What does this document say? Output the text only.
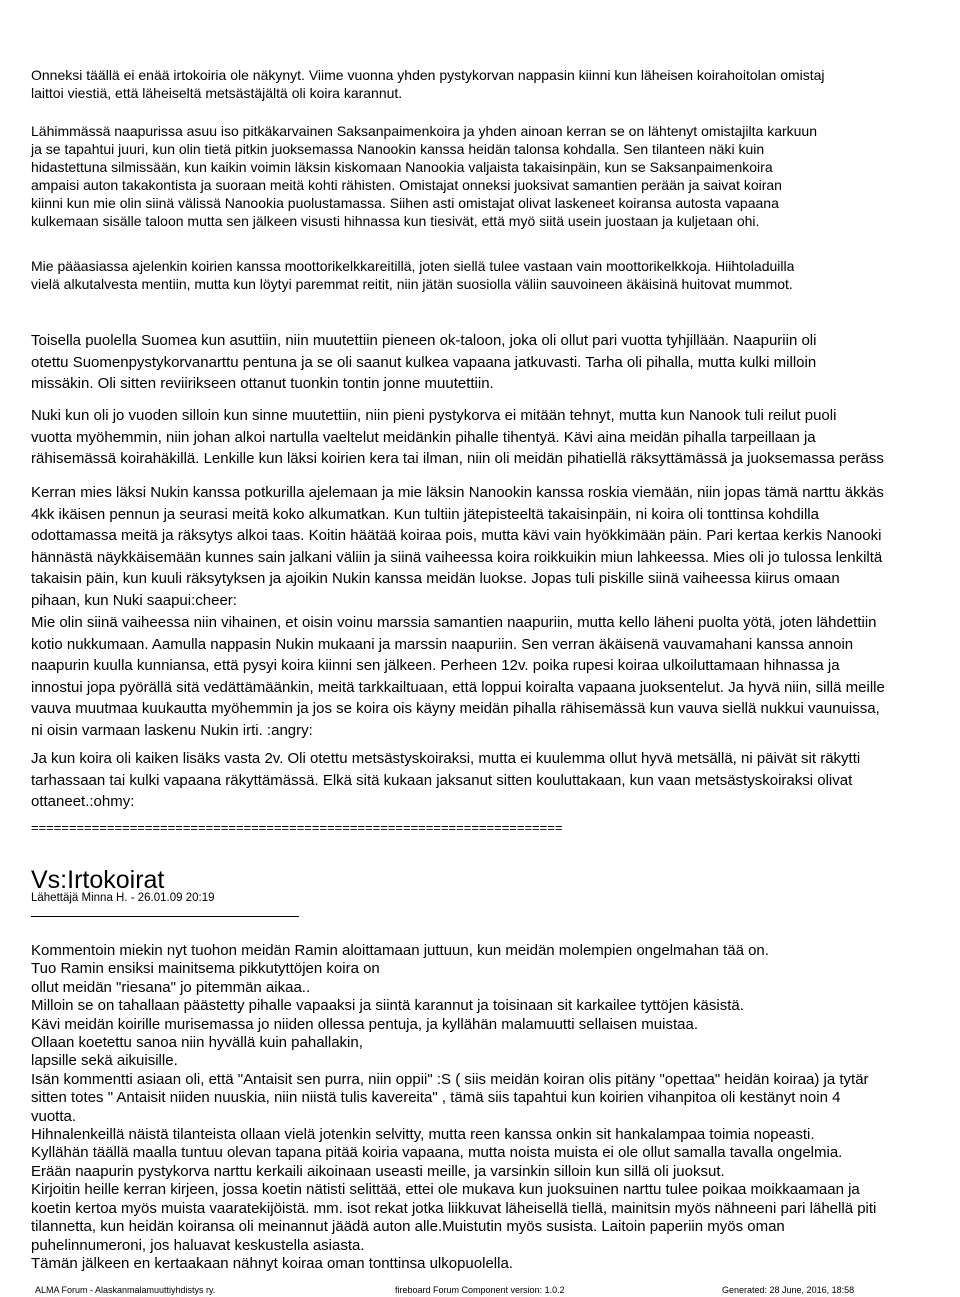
Onneksi täällä ei enää irtokoiria ole näkynyt. Viime vuonna yhden pystykorvan nappasin kiinni kun läheisen koirahoitolan omistaj
laittoi viestiä, että läheiseltä metsästäjältä oli koira karannut.
Lähimmässä naapurissa asuu iso pitkäkarvainen Saksanpaimenkoira ja yhden ainoan kerran se on lähtenyt omistajilta karkuun
ja se tapahtui juuri, kun olin tietä pitkin juoksemassa Nanookin kanssa heidän talonsa kohdalla. Sen tilanteen näki kuin
hidastettuna silmissään, kun kaikin voimin läksin kiskomaan Nanookia valjaista takaisinpäin, kun se Saksanpaimenkoira
ampaisi auton takakontista ja suoraan meitä kohti rähisten. Omistajat onneksi juoksivat samantien perään ja saivat koiran
kiinni kun mie olin siinä välissä Nanookia puolustamassa. Siihen asti omistajat olivat laskeneet koiransa autosta vapaana
kulkemaan sisälle taloon mutta sen jälkeen visusti hihnassa kun tiesivät, että myö siitä usein juostaan ja kuljetaan ohi.
Mie pääasiassa ajelenkin koirien kanssa moottorikelkkareitillä, joten siellä tulee vastaan vain moottorikelkkoja. Hiihtoladuilla
vielä alkutalvesta mentiin, mutta kun löytyi paremmat reitit, niin jätän suosiolla väliin sauvoineen äkäisinä huitovat mummot.
Toisella puolella Suomea kun asuttiin, niin muutettiin pieneen ok-taloon, joka oli ollut pari vuotta tyhjillään. Naapuriin oli
otettu Suomenpystykorvanarttu pentuna ja se oli saanut kulkea vapaana jatkuvasti. Tarha oli pihalla, mutta kulki milloin
missäkin. Oli sitten reviirikseen ottanut tuonkin tontin jonne muutettiin.
Nuki kun oli jo vuoden silloin kun sinne muutettiin, niin pieni pystykorva ei mitään tehnyt, mutta kun Nanook tuli reilut puoli
vuotta myöhemmin, niin johan alkoi nartulla vaeltelut meidänkin pihalle tihentyä. Kävi aina meidän pihalla tarpeillaan ja
rähisemässä koirahäkillä. Lenkille kun läksi koirien kera tai ilman, niin oli meidän pihatiellä räksyttämässä ja juoksemassa peräss
Kerran mies läksi Nukin kanssa potkurilla ajelemaan ja mie läksin Nanookin kanssa roskia viemään, niin jopas tämä narttu äkkäs
4kk ikäisen pennun ja seurasi meitä koko alkumatkan. Kun tultiin jätepisteeltä takaisinpäin, ni koira oli tonttinsa kohdilla
odottamassa meitä ja räksytys alkoi taas. Koitin häätää koiraa pois, mutta kävi vain hyökkimään päin. Pari kertaa kerkis Nanooki
hännästä näykkäisemään kunnes sain jalkani väliin ja siinä vaiheessa koira roikkuikin miun lahkeessa. Mies oli jo tulossa lenkiltä
takaisin päin, kun kuuli räksytyksen ja ajoikin Nukin kanssa meidän luokse. Jopas tuli piskille siinä vaiheessa kiirus omaan
pihaan, kun Nuki saapui:cheer:
Mie olin siinä vaiheessa niin vihainen, et oisin voinu marssia samantien naapuriin, mutta kello läheni puolta yötä, joten lähdettiin
kotio nukkumaan. Aamulla nappasin Nukin mukaani ja marssin naapuriin. Sen verran äkäisenä vauvamahani kanssa annoin
naapurin kuulla kunniansa, että pysyi koira kiinni sen jälkeen. Perheen 12v. poika rupesi koiraa ulkoiluttamaan hihnassa ja
innostui jopa pyörällä sitä vedättämäänkin, meitä tarkkailtuaan, että loppui koiralta vapaana juoksentelut. Ja hyvä niin, sillä meille
vauva muutmaa kuukautta myöhemmin ja jos se koira ois käyny meidän pihalla rähisemässä kun vauva siellä nukkui vaunuissa,
ni oisin varmaan laskenu Nukin irti. :angry:
Ja kun koira oli kaiken lisäks vasta 2v. Oli otettu metsästyskoiraksi, mutta ei kuulemma ollut hyvä metsällä, ni päivät sit räkytti
tarhassaan tai kulki vapaana räkyttämässä. Elkä sitä kukaan jaksanut sitten kouluttakaan, kun vaan metsästyskoiraksi olivat
ottaneet.:ohmy:
======================================================================
Vs:Irtokoirat
Lähettäjä Minna H. - 26.01.09 20:19
Kommentoin miekin nyt tuohon meidän Ramin aloittamaan juttuun, kun meidän molempien ongelmahan tää on.
Tuo Ramin ensiksi mainitsema pikkutyttöjen koira on
ollut meidän "riesana" jo pitemmän aikaa..
Milloin se on tahallaan päästetty pihalle vapaaksi ja siintä karannut ja toisinaan sit karkailee tyttöjen käsistä.
Kävi meidän koirille murisemassa jo niiden ollessa pentuja, ja kyllähän malamuutti sellaisen muistaa.
Ollaan koetettu sanoa niin hyvällä kuin pahallakin,
lapsille sekä aikuisille.
Isän kommentti asiaan oli, että "Antaisit sen purra, niin oppii" :S ( siis meidän koiran olis pitäny "opettaa" heidän koiraa) ja tytär
sitten totes " Antaisit niiden nuuskia, niin niistä tulis kavereita" , tämä siis tapahtui kun koirien vihanpitoa oli kestänyt noin 4
vuotta.
Hihnalenkeillä näistä tilanteista ollaan vielä jotenkin selvitty, mutta reen kanssa onkin sit hankalampaa toimia nopeasti.
Kyllähän täällä maalla tuntuu olevan tapana pitää koiria vapaana, mutta noista muista ei ole ollut samalla tavalla ongelmia.
Erään naapurin pystykorva narttu kerkaili aikoinaan useasti meille, ja varsinkin silloin kun sillä oli juoksut.
Kirjoitin heille kerran kirjeen, jossa koetin nätisti selittää, ettei ole mukava kun juoksuinen narttu tulee poikaa moikkaamaan ja
koetin kertoa myös muista vaaratekijöistä. mm. isot rekat jotka liikkuvat läheisellä tiellä, mainitsin myös nähneeni pari lähellä piti
tilannetta, kun heidän koiransa oli meinannut jäädä auton alle.Muistutin myös susista. Laitoin paperiin myös oman
puhelinnumeroni, jos haluavat keskustella asiasta.
Tämän jälkeen en kertaakaan nähnyt koiraa oman tonttinsa ulkopuolella.
ALMA Forum - Alaskanmalamuuttiyhdistys ry.	fireboard Forum Component version: 1.0.2	Generated: 28 June, 2016, 18:58
